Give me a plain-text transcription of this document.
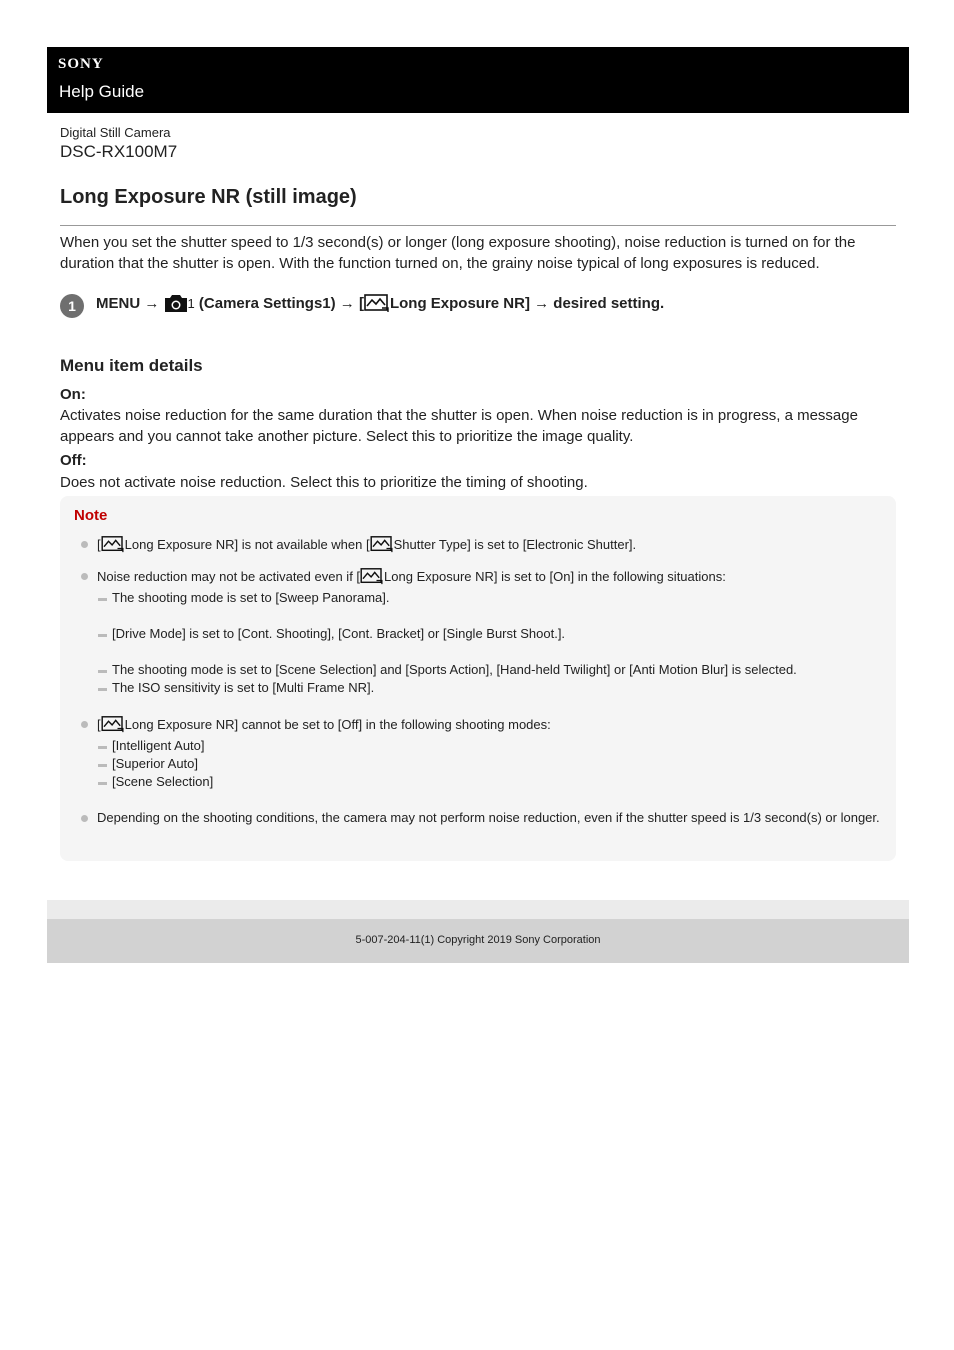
SONY
Help Guide
Digital Still Camera
DSC-RX100M7
Long Exposure NR (still image)
When you set the shutter speed to 1/3 second(s) or longer (long exposure shooting), noise reduction is turned on for the duration that the shutter is open. With the function turned on, the grainy noise typical of long exposures is reduced.
1	MENU → 1 (Camera Settings1) → [ Long Exposure NR] → desired setting.
Menu item details
On:
Activates noise reduction for the same duration that the shutter is open. When noise reduction is in progress, a message appears and you cannot take another picture. Select this to prioritize the image quality.
Off:
Does not activate noise reduction. Select this to prioritize the timing of shooting.
Note
[ Long Exposure NR] is not available when [ Shutter Type] is set to [Electronic Shutter].
Noise reduction may not be activated even if [ Long Exposure NR] is set to [On] in the following situations:
The shooting mode is set to [Sweep Panorama].
[Drive Mode] is set to [Cont. Shooting], [Cont. Bracket] or [Single Burst Shoot.].
The shooting mode is set to [Scene Selection] and [Sports Action], [Hand-held Twilight] or [Anti Motion Blur] is selected.
The ISO sensitivity is set to [Multi Frame NR].
[ Long Exposure NR] cannot be set to [Off] in the following shooting modes:
[Intelligent Auto]
[Superior Auto]
[Scene Selection]
Depending on the shooting conditions, the camera may not perform noise reduction, even if the shutter speed is 1/3 second(s) or longer.
5-007-204-11(1) Copyright 2019 Sony Corporation
